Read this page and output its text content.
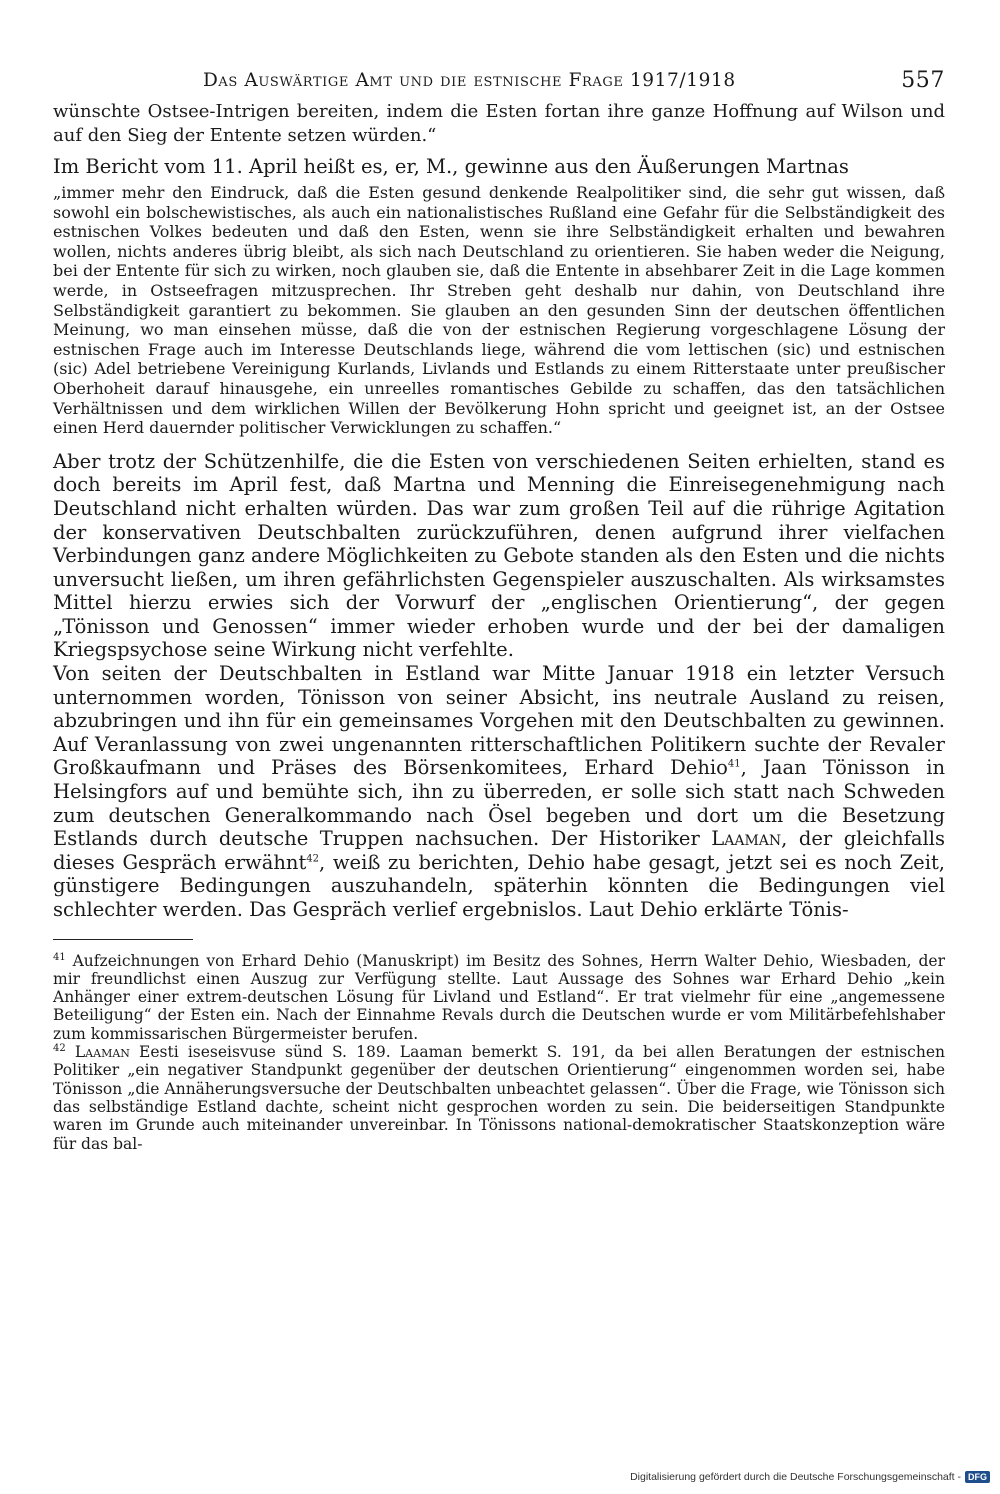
Das Auswärtige Amt und die estnische Frage 1917/1918	557

wünschte Ostsee-Intrigen bereiten, indem die Esten fortan ihre ganze Hoffnung auf Wilson und auf den Sieg der Entente setzen würden.“

Im Bericht vom 11. April heißt es, er, M., gewinne aus den Äußerungen Martnas

„immer mehr den Eindruck, daß die Esten gesund denkende Realpolitiker sind, die sehr gut wissen, daß sowohl ein bolschewistisches, als auch ein nationalistisches Rußland eine Gefahr für die Selbständigkeit des estnischen Volkes bedeuten und daß den Esten, wenn sie ihre Selbständigkeit erhalten und bewahren wollen, nichts anderes übrig bleibt, als sich nach Deutschland zu orientieren. Sie haben weder die Neigung, bei der Entente für sich zu wirken, noch glauben sie, daß die Entente in absehbarer Zeit in die Lage kommen werde, in Ostseefragen mitzusprechen. Ihr Streben geht deshalb nur dahin, von Deutschland ihre Selbständigkeit garantiert zu bekommen. Sie glauben an den gesunden Sinn der deutschen öffentlichen Meinung, wo man einsehen müsse, daß die von der estnischen Regierung vorgeschlagene Lösung der estnischen Frage auch im Interesse Deutschlands liege, während die vom lettischen (sic) und estnischen (sic) Adel betriebene Vereinigung Kurlands, Livlands und Estlands zu einem Ritterstaate unter preußischer Oberhoheit darauf hinausgehe, ein unreelles romantisches Gebilde zu schaffen, das den tatsächlichen Verhältnissen und dem wirklichen Willen der Bevölkerung Hohn spricht und geeignet ist, an der Ostsee einen Herd dauernder politischer Verwicklungen zu schaffen.“

Aber trotz der Schützenhilfe, die die Esten von verschiedenen Seiten erhielten, stand es doch bereits im April fest, daß Martna und Menning die Einreisegenehmigung nach Deutschland nicht erhalten würden. Das war zum großen Teil auf die rührige Agitation der konservativen Deutschbalten zurückzuführen, denen aufgrund ihrer vielfachen Verbindungen ganz andere Möglichkeiten zu Gebote standen als den Esten und die nichts unversucht ließen, um ihren gefährlichsten Gegenspieler auszuschalten. Als wirksamstes Mittel hierzu erwies sich der Vorwurf der „englischen Orientierung“, der gegen „Tönisson und Genossen“ immer wieder erhoben wurde und der bei der damaligen Kriegspsychose seine Wirkung nicht verfehlte.

Von seiten der Deutschbalten in Estland war Mitte Januar 1918 ein letzter Versuch unternommen worden, Tönisson von seiner Absicht, ins neutrale Ausland zu reisen, abzubringen und ihn für ein gemeinsames Vorgehen mit den Deutschbalten zu gewinnen. Auf Veranlassung von zwei ungenannten ritterschaftlichen Politikern suchte der Revaler Großkaufmann und Präses des Börsenkomitees, Erhard Dehio$^{41}$, Jaan Tönisson in Helsingfors auf und bemühte sich, ihn zu überreden, er solle sich statt nach Schweden zum deutschen Generalkommando nach Ösel begeben und dort um die Besetzung Estlands durch deutsche Truppen nachsuchen. Der Historiker Laaman, der gleichfalls dieses Gespräch erwähnt$^{42}$, weiß zu berichten, Dehio habe gesagt, jetzt sei es noch Zeit, günstigere Bedingungen auszuhandeln, späterhin könnten die Bedingungen viel schlechter werden. Das Gespräch verlief ergebnislos. Laut Dehio erklärte Tönis-

$^{41}$ Aufzeichnungen von Erhard Dehio (Manuskript) im Besitz des Sohnes, Herrn Walter Dehio, Wiesbaden, der mir freundlichst einen Auszug zur Verfügung stellte. Laut Aussage des Sohnes war Erhard Dehio „kein Anhänger einer extrem-deutschen Lösung für Livland und Estland“. Er trat vielmehr für eine „angemessene Beteiligung“ der Esten ein. Nach der Einnahme Revals durch die Deutschen wurde er vom Militärbefehlshaber zum kommissarischen Bürgermeister berufen.

$^{42}$ Laaman Eesti iseseisvuse sünd S. 189. Laaman bemerkt S. 191, da bei allen Beratungen der estnischen Politiker „ein negativer Standpunkt gegenüber der deutschen Orientierung“ eingenommen worden sei, habe Tönisson „die Annäherungsversuche der Deutschbalten unbeachtet gelassen“. Über die Frage, wie Tönisson sich das selbständige Estland dachte, scheint nicht gesprochen worden zu sein. Die beiderseitigen Standpunkte waren im Grunde auch miteinander unvereinbar. In Tönissons national-demokratischer Staatskonzeption wäre für das bal-

Digitalisierung gefördert durch die Deutsche Forschungsgemeinschaft - DFG
